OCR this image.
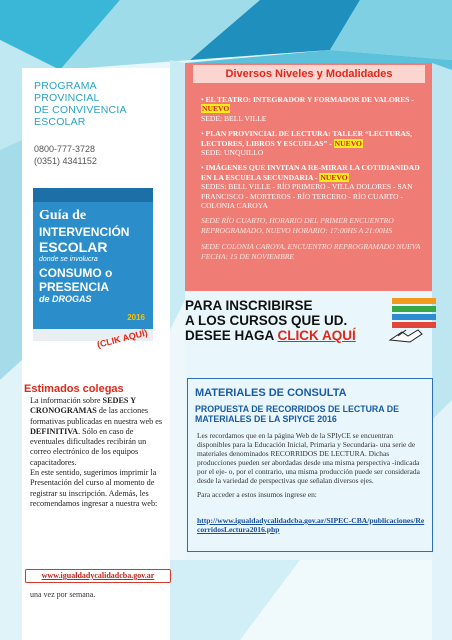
PROGRAMA
PROVINCIAL
DE CONVIVENCIA
ESCOLAR
0800-777-3728
(0351) 4341152
Guía de
INTERVENCIÓN
ESCOLAR
donde se involucra
CONSUMO o
PRESENCIA
de DROGAS
2016
(CLIK AQUÍ)
Estimados colegas
La información sobre SEDES Y CRONOGRAMAS de las acciones formativas publicadas en nuestra web es DEFINITIVA. Sólo en caso de eventuales dificultades recibirán un correo electrónico de los equipos capacitadores.
En este sentido, sugerimos imprimir la Presentación del curso al momento de registrar su inscripción. Además, les recomendamos ingresar a nuestra web:
www.igualdadycalidadcba.gov.ar
una vez por semana.
Diversos Niveles y Modalidades
• EL TEATRO: INTEGRADOR Y FORMADOR DE VALORES - NUEVO
SEDE: BELL VILLE
• PLAN PROVINCIAL DE LECTURA: TALLER “LECTURAS, LECTORES, LIBROS Y ESCUELAS” - NUEVO
SEDE: UNQUILLO
• IMÁGENES QUE INVITAN A RE-MIRAR LA COTIDIANIDAD EN LA ESCUELA SECUNDARIA - NUEVO
SEDES: BELL VILLE - RÍO PRIMERO - VILLA DOLORES - SAN FRANCISCO - MORTEROS - RÍO TERCERO - RÍO CUARTO - COLONIA CAROYA
SEDE RÍO CUARTO, HORARIO DEL PRIMER ENCUENTRO REPROGRAMADO, NUEVO HORARIO: 17:00HS A 21:00HS
SEDE COLONIA CAROYA, ENCUENTRO REPROGRAMADO NUEVA FECHA: 15 DE NOVIEMBRE
PARA INSCRIBIRSE
A LOS CURSOS QUE UD.
DESEE HAGA CLICK AQUÍ
MATERIALES DE CONSULTA
PROPUESTA DE RECORRIDOS DE LECTURA DE MATERIALES DE LA SPIYCE 2016
Les recordamos que en la página Web de la SPIyCE se encuentran disponibles para la Educación Inicial, Primaria y Secundaria- una serie de materiales denominados RECORRIDOS DE LECTURA. Dichas producciones pueden ser abordadas desde una misma perspectiva -indicada por el eje- o, por el contrario, una misma producción puede ser considerada desde la variedad de perspectivas que señalan diversos ejes.
Para acceder a estos insumos ingrese en:
http://www.igualdadycalidadcba.gov.ar/SIPEC-CBA/publicaciones/RecorridosLectura2016.php
